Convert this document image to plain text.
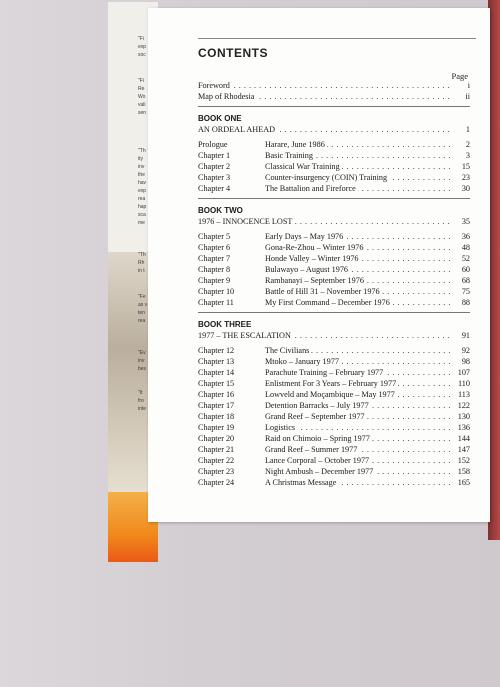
"Fi
exp
soc
"Fi
Re
Wo
vali
sen
"Th
ity
inv
the
hav
exp
rea
hap
sca
me
"Th
Rh
in t
"Fe
as v
ten
rea
"Ev
inv
bes
"It
fro
inte
CONTENTS
Page
Foreword . . .	i
Map of Rhodesia . . .	ii
BOOK ONE
AN ORDEAL AHEAD . . .	1
Prologue	Harare, June 1986 . . .	2
Chapter 1	Basic Training . . .	3
Chapter 2	Classical War Training . . .	15
Chapter 3	Counter-insurgency (COIN) Training . . .	23
Chapter 4	The Battalion and Fireforce . . .	30
BOOK TWO
1976 – INNOCENCE LOST . . .	35
Chapter 5	Early Days – May 1976 . . .	36
Chapter 6	Gona-Re-Zhou – Winter 1976 . . .	48
Chapter 7	Honde Valley – Winter 1976 . . .	52
Chapter 8	Bulawayo – August 1976 . . .	60
Chapter 9	Rambanayi – September 1976 . . .	68
Chapter 10	Battle of Hill 31 – November 1976 . . .	75
Chapter 11	My First Command – December 1976 . . .	88
BOOK THREE
1977 – THE ESCALATION . . .	91
Chapter 12	The Civilians . . .	92
Chapter 13	Mtoko – January 1977 . . .	98
Chapter 14	Parachute Training – February 1977 . . .	107
Chapter 15	Enlistment For 3 Years – February 1977 . . .	110
Chapter 16	Lowveld and Moçambique – May 1977 . . .	113
Chapter 17	Detention Barracks – July 1977 . . .	122
Chapter 18	Grand Reef – September 1977 . . .	130
Chapter 19	Logistics . . .	136
Chapter 20	Raid on Chimoio – Spring 1977 . . .	144
Chapter 21	Grand Reef – Summer 1977 . . .	147
Chapter 22	Lance Corporal – October 1977 . . .	152
Chapter 23	Night Ambush – December 1977 . . .	158
Chapter 24	A Christmas Message . . .	165
